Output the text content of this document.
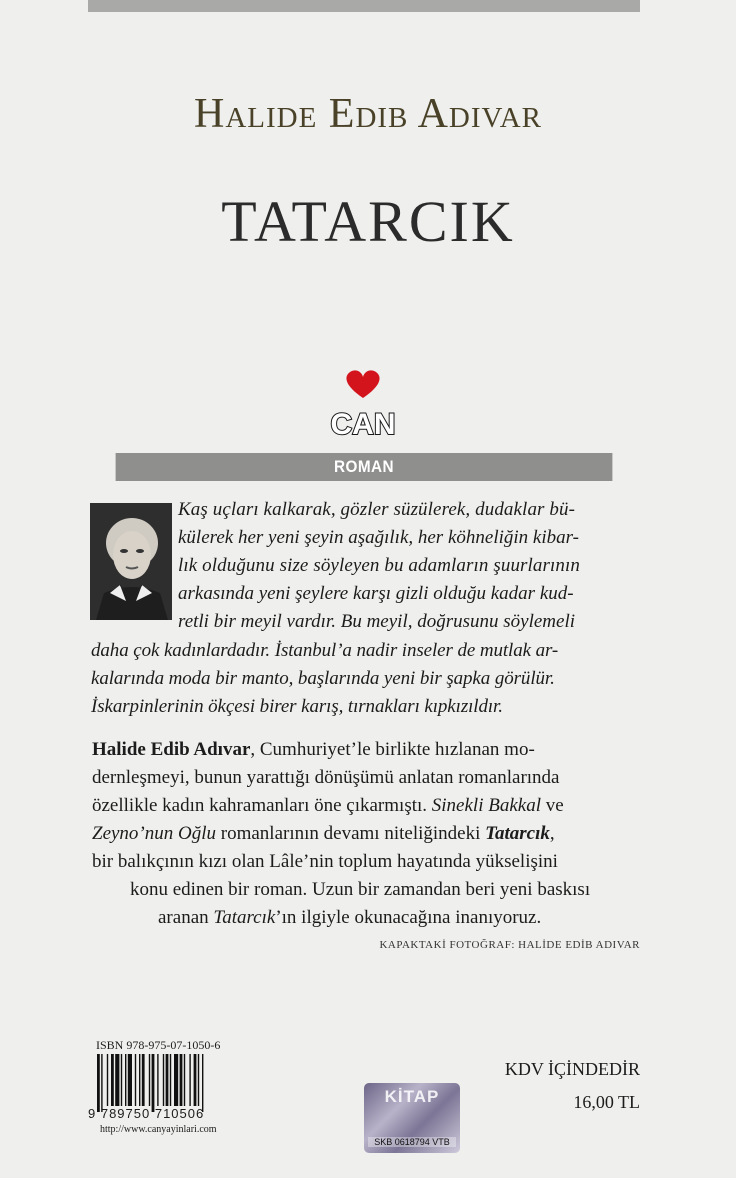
Halide Edib Adıvar
TATARCIK
CAN
ROMAN
Kaş uçları kalkarak, gözler süzülerek, dudaklar bü-
külerek her yeni şeyin aşağılık, her köhneliğin kibar-
lık olduğunu size söyleyen bu adamların şuurlarının
arkasında yeni şeylere karşı gizli olduğu kadar kud-
retli bir meyil vardır. Bu meyil, doğrusunu söylemeli
daha çok kadınlardadır. İstanbul’a nadir inseler de mutlak ar-
kalarında moda bir manto, başlarında yeni bir şapka görülür.
İskarpinlerinin ökçesi birer karış, tırnakları kıpkızıldır.
Halide Edib Adıvar, Cumhuriyet’le birlikte hızlanan mo-
dernleşmeyi, bunun yarattığı dönüşümü anlatan romanlarında
özellikle kadın kahramanları öne çıkarmıştı. Sinekli Bakkal ve
Zeyno’nun Oğlu romanlarının devamı niteliğindeki Tatarcık,
bir balıkçının kızı olan Lâle’nin toplum hayatında yükselişini
konu edinen bir roman. Uzun bir zamandan beri yeni baskısı
aranan Tatarcık’ın ilgiyle okunacağına inanıyoruz.
KAPAKTAKİ FOTOĞRAF: HALİDE EDİB ADIVAR
ISBN 978-975-07-1050-6
9 789750 710506
http://www.canyayinlari.com
KİTAP
SKB 0618794 VTB
KDV İÇİNDEDİR
16,00 TL
